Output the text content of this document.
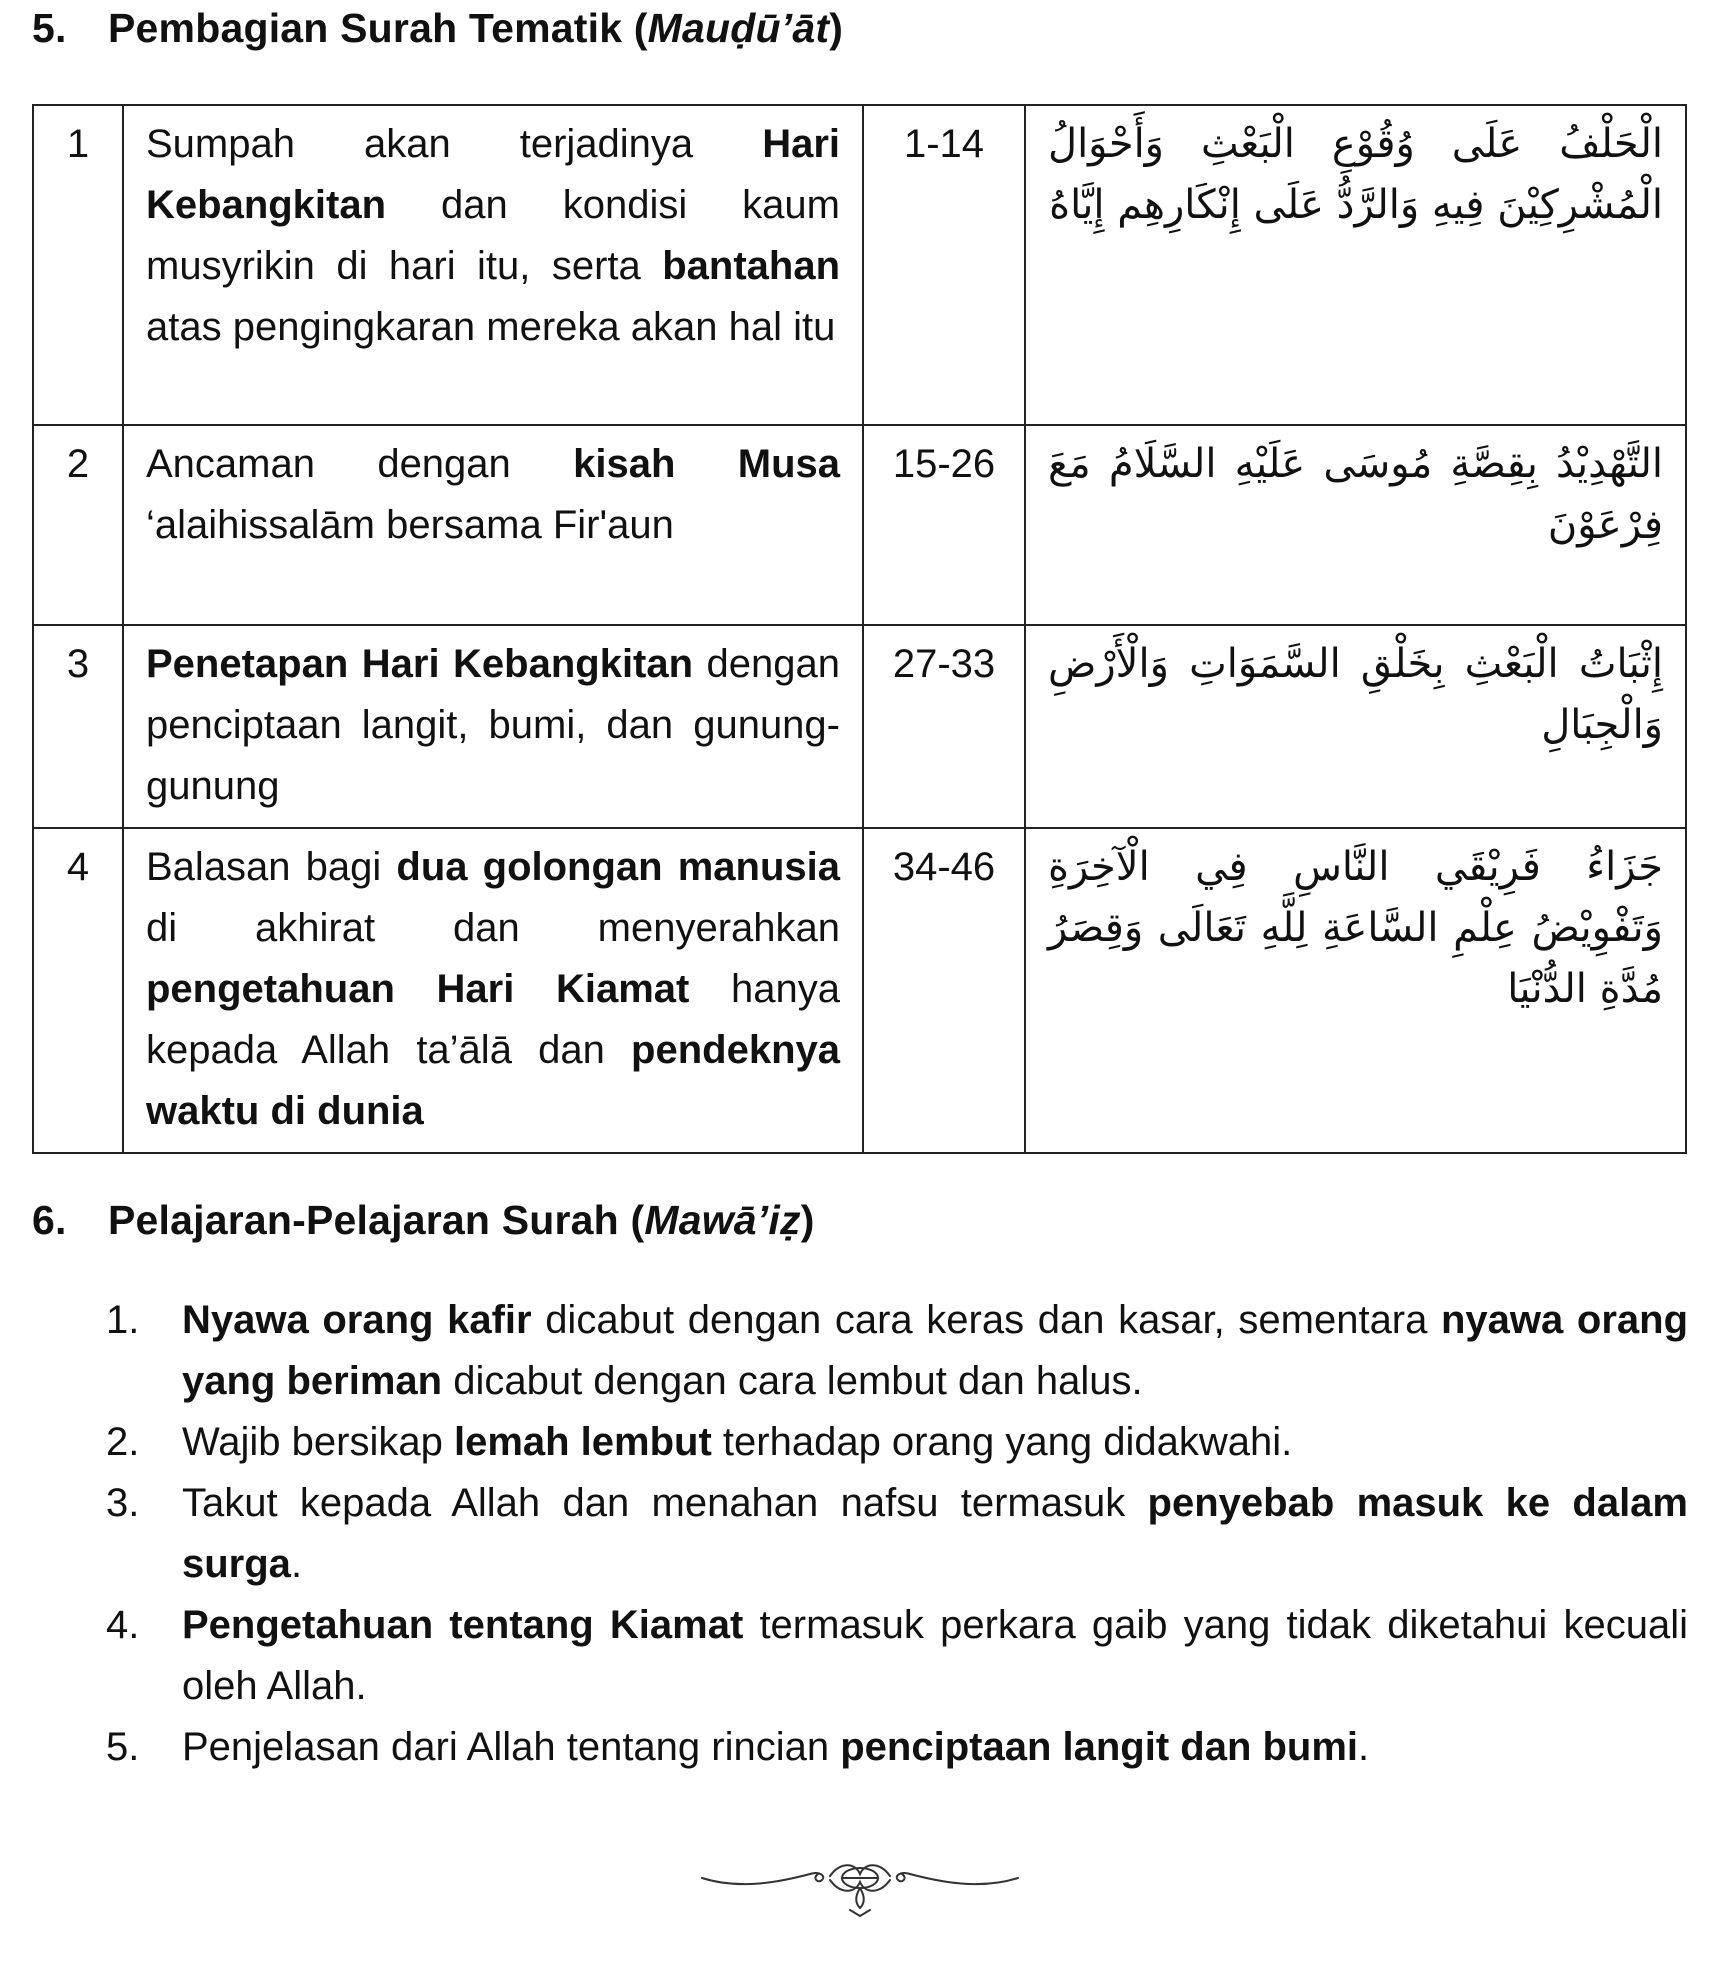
5. Pembagian Surah Tematik (Mauḍū’āt)
1	Sumpah akan terjadinya Hari Kebangkitan dan kondisi kaum musyrikin di hari itu, serta bantahan atas pengingkaran mereka akan hal itu	1-14	الْحَلْفُ عَلَى وُقُوْعِ الْبَعْثِ وَأَحْوَالُ الْمُشْرِكِيْنَ فِيهِ وَالرَّدُّ عَلَى إِنْكَارِهِم إِيَّاهُ
2	Ancaman dengan kisah Musa ‘alaihissalām bersama Fir'aun	15-26	التَّهْدِيْدُ بِقِصَّةِ مُوسَى عَلَيْهِ السَّلَامُ مَعَ فِرْعَوْنَ
3	Penetapan Hari Kebangkitan dengan penciptaan langit, bumi, dan gunung-gunung	27-33	إِثْبَاتُ الْبَعْثِ بِخَلْقِ السَّمَوَاتِ وَالْأَرْضِ وَالْجِبَالِ
4	Balasan bagi dua golongan manusia di akhirat dan menyerahkan pengetahuan Hari Kiamat hanya kepada Allah ta’ālā dan pendeknya waktu di dunia	34-46	جَزَاءُ فَرِيْقَي النَّاسِ فِي الْآخِرَةِ وَتَفْوِيْضُ عِلْمِ السَّاعَةِ لِلَّهِ تَعَالَى وَقِصَرُ مُدَّةِ الدُّنْيَا
6. Pelajaran-Pelajaran Surah (Mawā’iẓ)
1. Nyawa orang kafir dicabut dengan cara keras dan kasar, sementara nyawa orang yang beriman dicabut dengan cara lembut dan halus.
2. Wajib bersikap lemah lembut terhadap orang yang didakwahi.
3. Takut kepada Allah dan menahan nafsu termasuk penyebab masuk ke dalam surga.
4. Pengetahuan tentang Kiamat termasuk perkara gaib yang tidak diketahui kecuali oleh Allah.
5. Penjelasan dari Allah tentang rincian penciptaan langit dan bumi.
